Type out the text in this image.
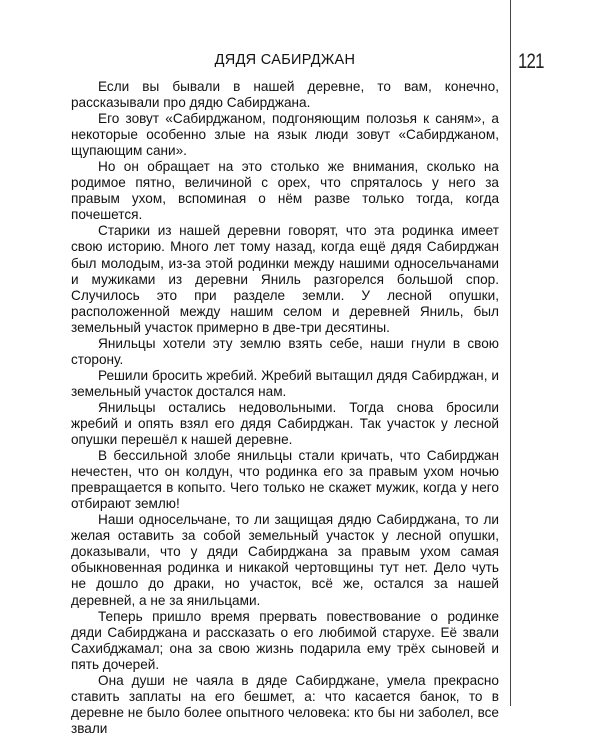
121
ДЯДЯ САБИРДЖАН

Если вы бывали в нашей деревне, то вам, конечно, рассказывали про дядю Сабирджана.

Его зовут «Сабирджаном, подгоняющим полозья к саням», а некоторые особенно злые на язык люди зовут «Сабирджаном, щупающим сани».

Но он обращает на это столько же внимания, сколько на родимое пятно, величиной с орех, что спряталось у него за правым ухом, вспоминая о нём разве только тогда, когда почешется.

Старики из нашей деревни говорят, что эта родинка имеет свою историю. Много лет тому назад, когда ещё дядя Сабирджан был молодым, из-за этой родинки между нашими односельчанами и мужиками из деревни Яниль разгорелся большой спор. Случилось это при разделе земли. У лесной опушки, расположенной между нашим селом и деревней Яниль, был земельный участок примерно в две-три десятины.

Янильцы хотели эту землю взять себе, наши гнули в свою сторону.

Решили бросить жребий. Жребий вытащил дядя Сабирджан, и земельный участок достался нам.

Янильцы остались недовольными. Тогда снова бросили жребий и опять взял его дядя Сабирджан. Так участок у лесной опушки перешёл к нашей деревне.

В бессильной злобе янильцы стали кричать, что Сабирджан нечестен, что он колдун, что родинка его за правым ухом ночью превращается в копыто. Чего только не скажет мужик, когда у него отбирают землю!

Наши односельчане, то ли защищая дядю Сабирджана, то ли желая оставить за собой земельный участок у лесной опушки, доказывали, что у дяди Сабирджана за правым ухом самая обыкновенная родинка и никакой чертовщины тут нет. Дело чуть не дошло до драки, но участок, всё же, остался за нашей деревней, а не за янильцами.

Теперь пришло время прервать повествование о родинке дяди Сабирджана и рассказать о его любимой старухе. Её звали Сахибджамал; она за свою жизнь подарила ему трёх сыновей и пять дочерей.

Она души не чаяла в дяде Сабирджане, умела прекрасно ставить заплаты на его бешмет, а: что касается банок, то в деревне не было более опытного человека: кто бы ни заболел, все звали
